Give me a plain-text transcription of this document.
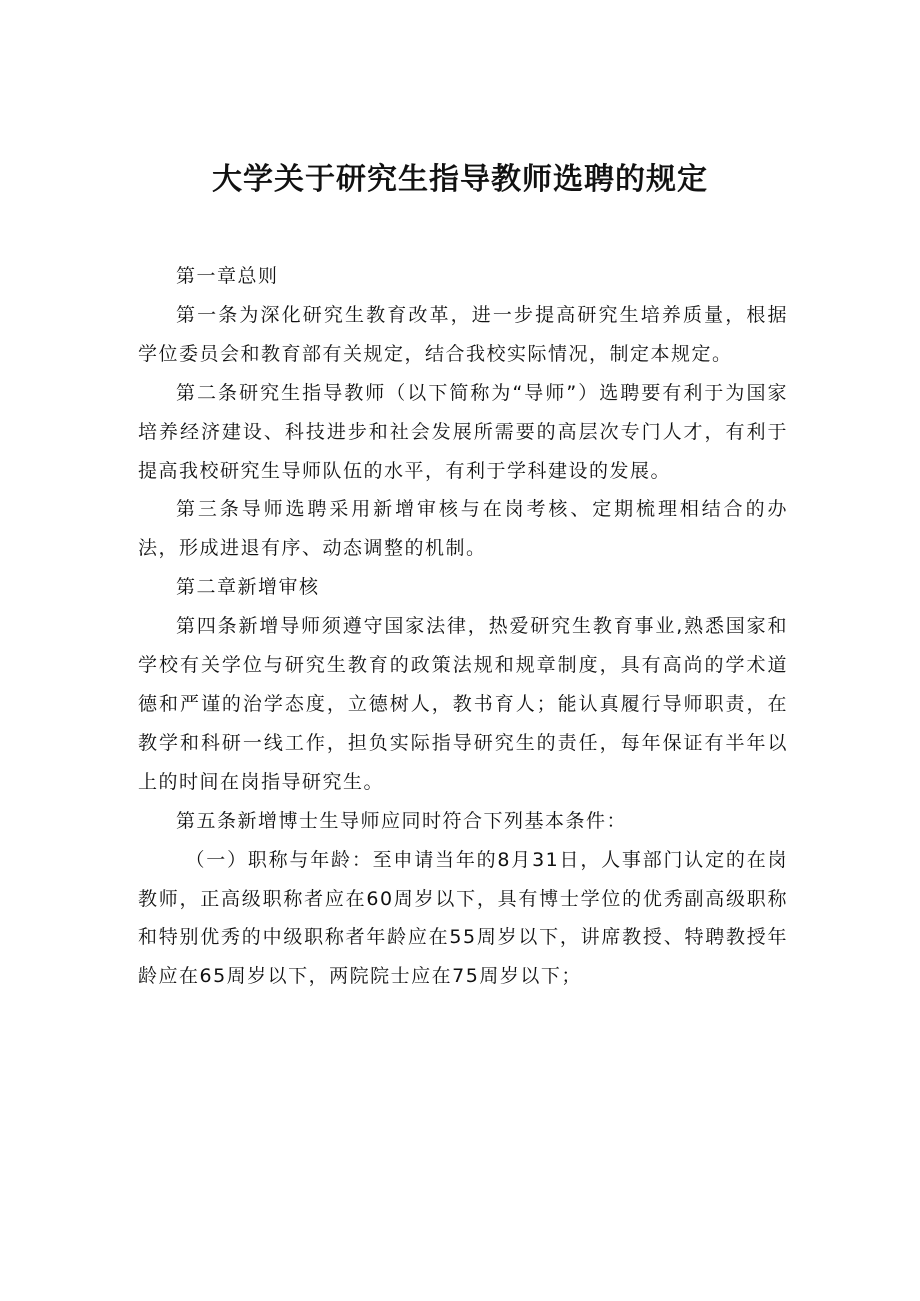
大学关于研究生指导教师选聘的规定

第一章总则

第一条为深化研究生教育改革，进一步提高研究生培养质量，根据学位委员会和教育部有关规定，结合我校实际情况，制定本规定。

第二条研究生指导教师（以下简称为“导师”）选聘要有利于为国家培养经济建设、科技进步和社会发展所需要的高层次专门人才，有利于提高我校研究生导师队伍的水平，有利于学科建设的发展。

第三条导师选聘采用新增审核与在岗考核、定期梳理相结合的办法，形成进退有序、动态调整的机制。

第二章新增审核

第四条新增导师须遵守国家法律，热爱研究生教育事业,熟悉国家和学校有关学位与研究生教育的政策法规和规章制度，具有高尚的学术道德和严谨的治学态度，立德树人，教书育人；能认真履行导师职责，在教学和科研一线工作，担负实际指导研究生的责任，每年保证有半年以上的时间在岗指导研究生。

第五条新增博士生导师应同时符合下列基本条件：

（一）职称与年龄：至申请当年的8月31日，人事部门认定的在岗教师，正高级职称者应在60周岁以下，具有博士学位的优秀副高级职称和特别优秀的中级职称者年龄应在55周岁以下，讲席教授、特聘教授年龄应在65周岁以下，两院院士应在75周岁以下；
